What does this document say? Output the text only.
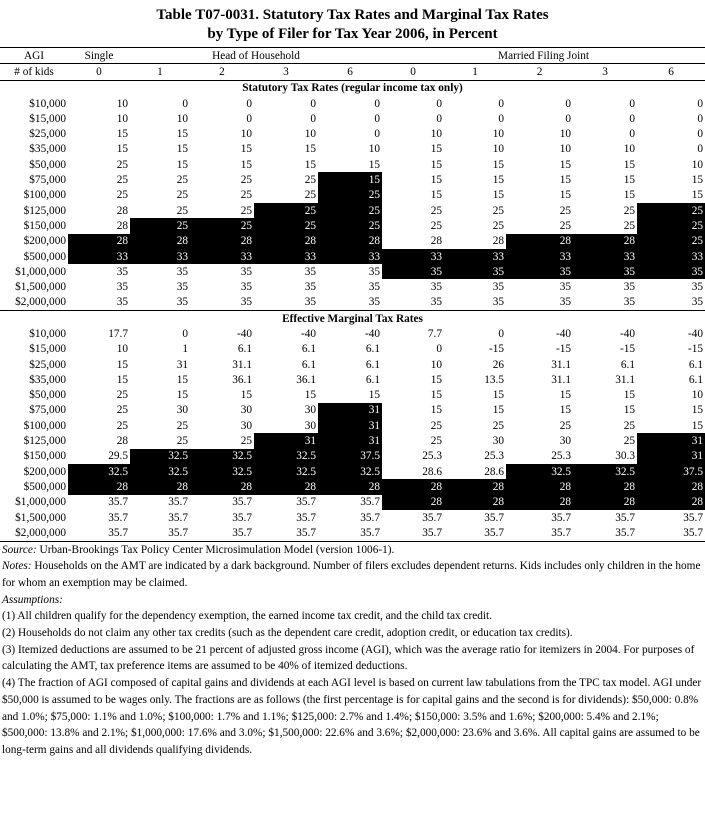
Table T07-0031. Statutory Tax Rates and Marginal Tax Rates
by Type of Filer for Tax Year 2006, in Percent
AGI	Single	Head of Household				Married Filing Joint				
# of kids	0	1	2	3	6	0	1	2	3	6
Statutory Tax Rates (regular income tax only)										
$10,000	10	0	0	0	0	0	0	0	0	0
$15,000	10	10	0	0	0	0	0	0	0	0
$25,000	15	15	10	10	0	10	10	10	0	0
$35,000	15	15	15	15	10	15	10	10	10	0
$50,000	25	15	15	15	15	15	15	15	15	10
$75,000	25	25	25	25	15	15	15	15	15	15
$100,000	25	25	25	25	25	15	15	15	15	15
$125,000	28	25	25	25	25	25	25	25	25	25
$150,000	28	25	25	25	25	25	25	25	25	25
$200,000	28	28	28	28	28	28	28	28	28	25
$500,000	33	33	33	33	33	33	33	33	33	33
$1,000,000	35	35	35	35	35	35	35	35	35	35
$1,500,000	35	35	35	35	35	35	35	35	35	35
$2,000,000	35	35	35	35	35	35	35	35	35	35
Effective Marginal Tax Rates										
$10,000	17.7	0	-40	-40	-40	7.7	0	-40	-40	-40
$15,000	10	1	6.1	6.1	6.1	0	-15	-15	-15	-15
$25,000	15	31	31.1	6.1	6.1	10	26	31.1	6.1	6.1
$35,000	15	15	36.1	36.1	6.1	15	13.5	31.1	31.1	6.1
$50,000	25	15	15	15	15	15	15	15	15	10
$75,000	25	30	30	30	31	15	15	15	15	15
$100,000	25	25	30	30	31	25	25	25	25	15
$125,000	28	25	25	31	31	25	30	30	25	31
$150,000	29.5	32.5	32.5	32.5	37.5	25.3	25.3	25.3	30.3	31
$200,000	32.5	32.5	32.5	32.5	32.5	28.6	28.6	32.5	32.5	37.5
$500,000	28	28	28	28	28	28	28	28	28	28
$1,000,000	35.7	35.7	35.7	35.7	35.7	28	28	28	28	28
$1,500,000	35.7	35.7	35.7	35.7	35.7	35.7	35.7	35.7	35.7	35.7
$2,000,000	35.7	35.7	35.7	35.7	35.7	35.7	35.7	35.7	35.7	35.7

Source: Urban-Brookings Tax Policy Center Microsimulation Model (version 1006-1).

Notes: Households on the AMT are indicated by a dark background. Number of filers excludes dependent returns. Kids includes only children in the home for whom an exemption may be claimed.

Assumptions:

(1) All children qualify for the dependency exemption, the earned income tax credit, and the child tax credit.

(2) Households do not claim any other tax credits (such as the dependent care credit, adoption credit, or education tax credits).

(3) Itemized deductions are assumed to be 21 percent of adjusted gross income (AGI), which was the average ratio for itemizers in 2004. For purposes of calculating the AMT, tax preference items are assumed to be 40% of itemized deductions.

(4) The fraction of AGI composed of capital gains and dividends at each AGI level is based on current law tabulations from the TPC tax model. AGI under $50,000 is assumed to be wages only. The fractions are as follows (the first percentage is for capital gains and the second is for dividends): $50,000: 0.8% and 1.0%; $75,000: 1.1% and 1.0%; $100,000: 1.7% and 1.1%; $125,000: 2.7% and 1.4%; $150,000: 3.5% and 1.6%; $200,000: 5.4% and 2.1%; $500,000: 13.8% and 2.1%; $1,000,000: 17.6% and 3.0%; $1,500,000: 22.6% and 3.6%; $2,000,000: 23.6% and 3.6%. All capital gains are assumed to be long-term gains and all dividends qualifying dividends.
